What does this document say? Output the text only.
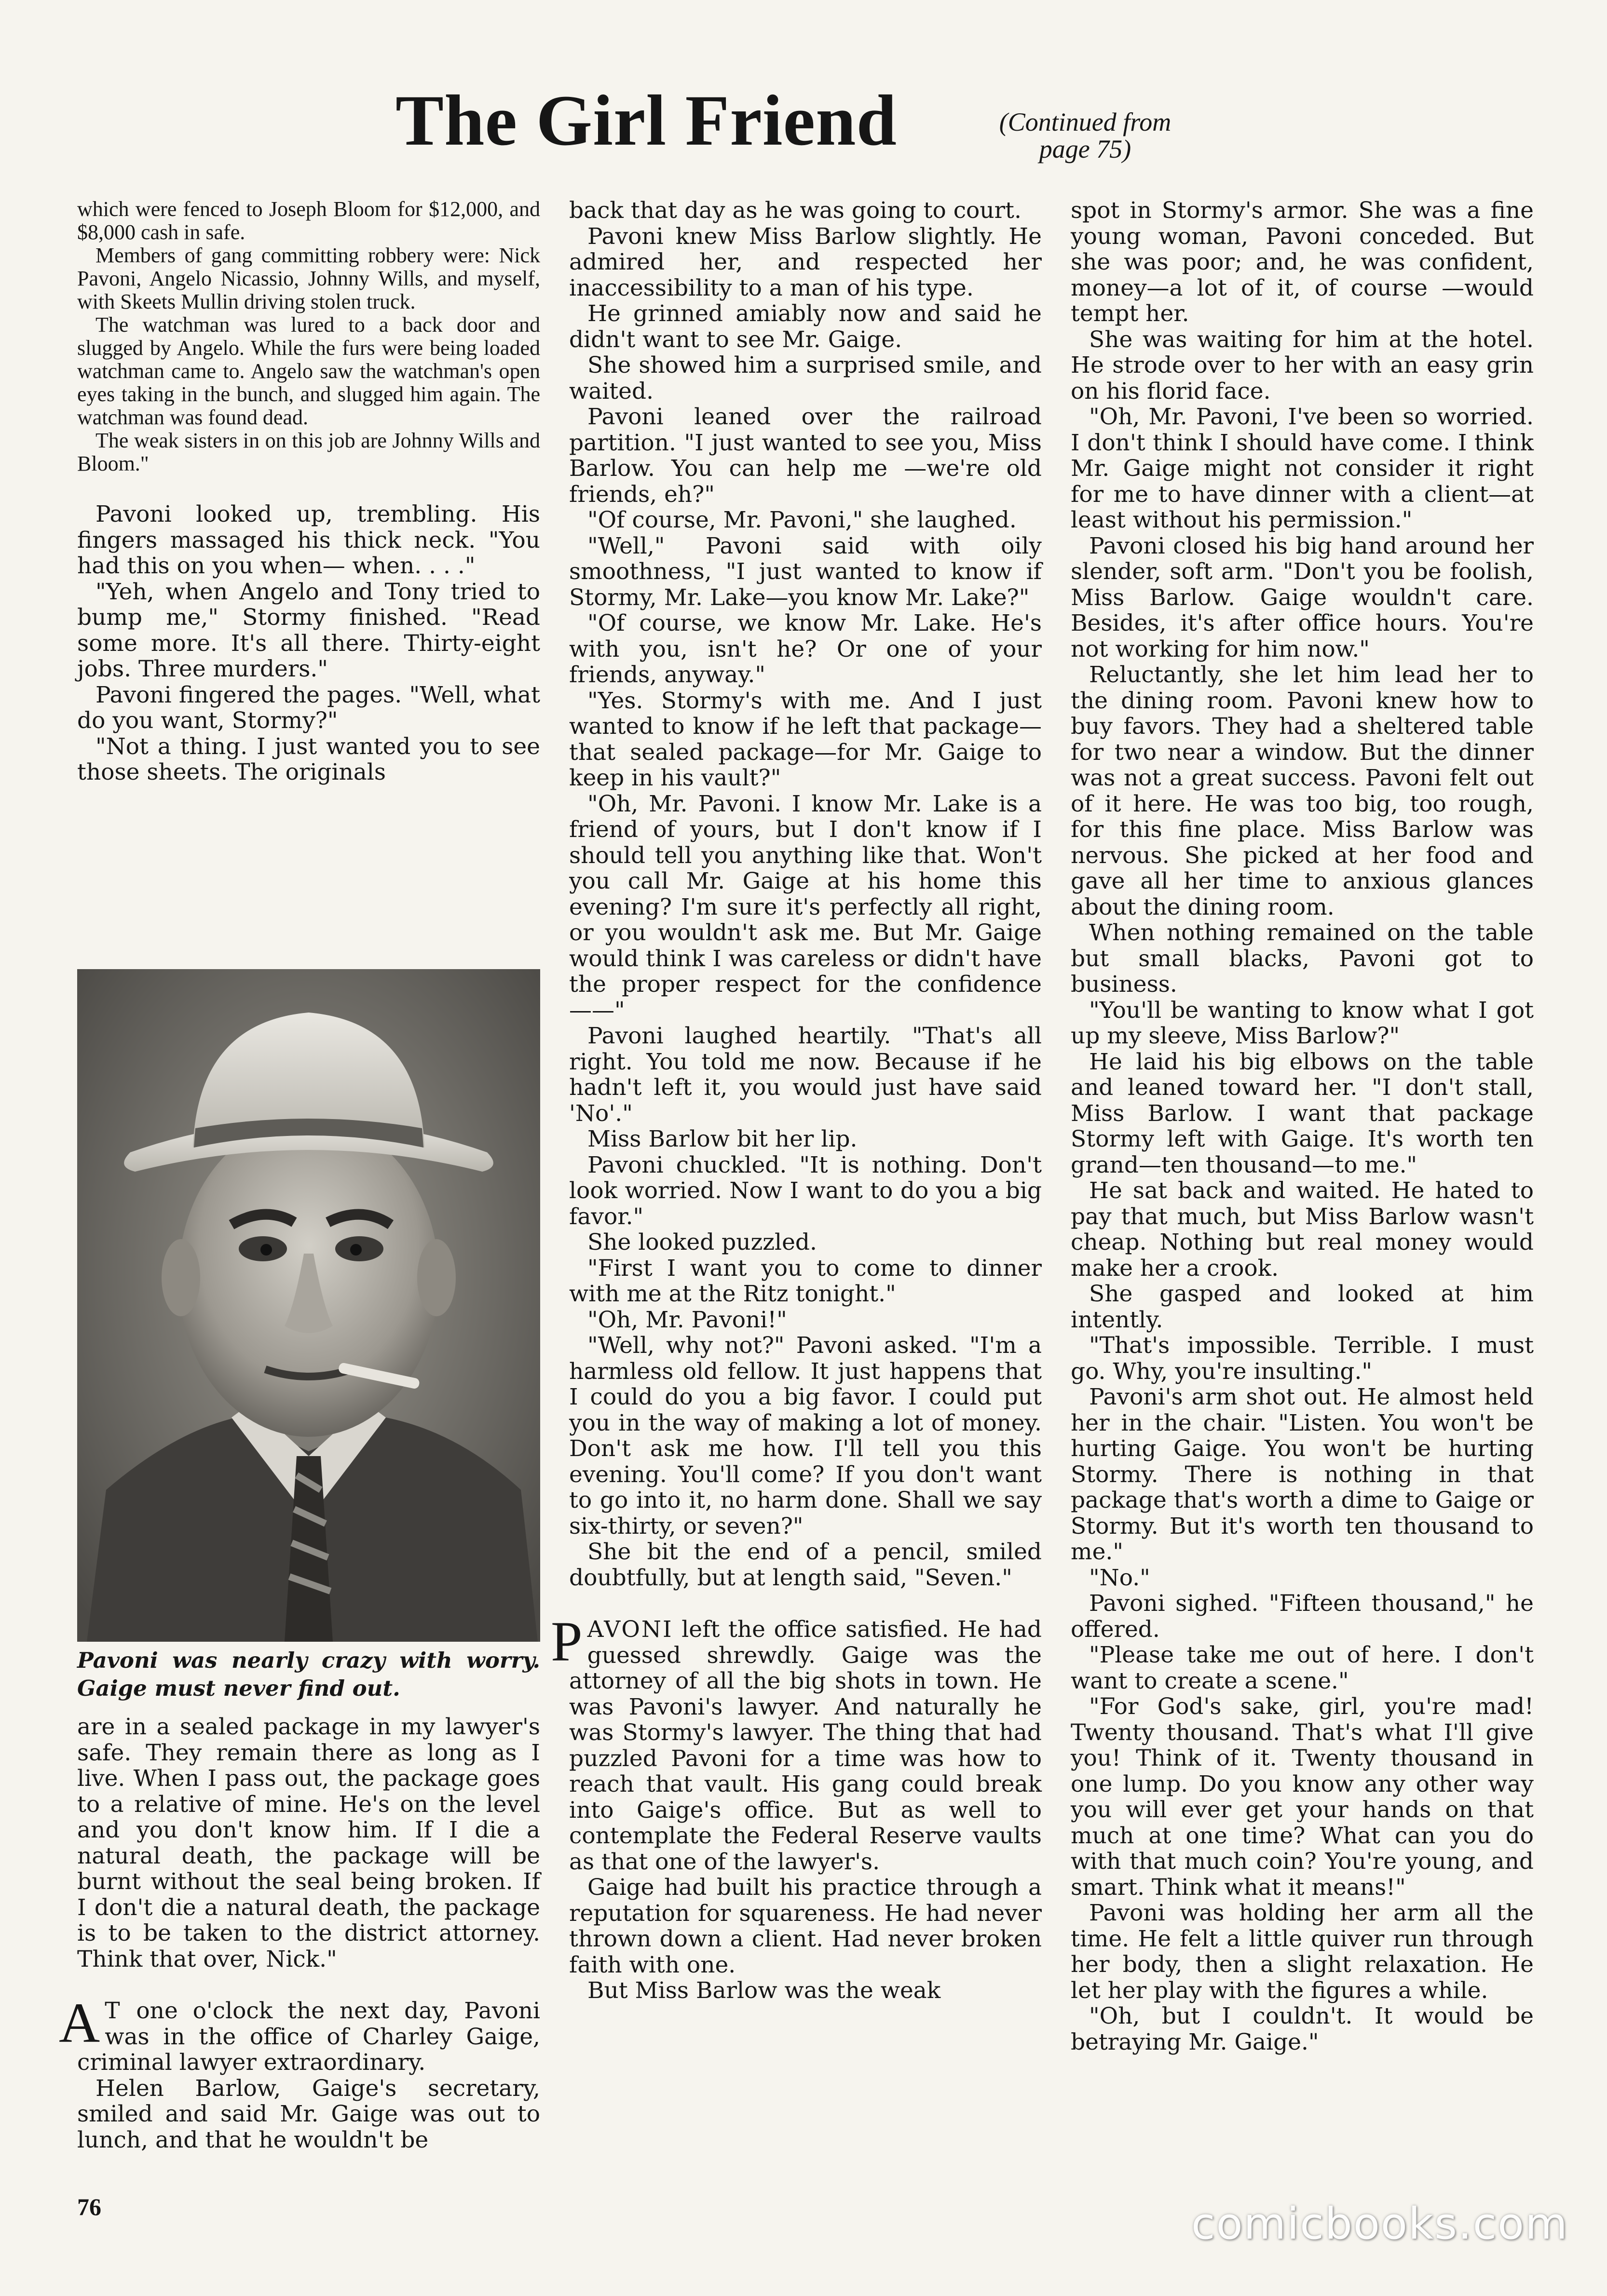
The Girl Friend	(Continued from
page 75)

which were fenced to Joseph Bloom for $12,000, and $8,000 cash in safe.

Members of gang committing robbery were: Nick Pavoni, Angelo Nicassio, Johnny Wills, and myself, with Skeets Mullin driving stolen truck.

The watchman was lured to a back door and slugged by Angelo. While the furs were being loaded watchman came to. Angelo saw the watchman's open eyes taking in the bunch, and slugged him again. The watchman was found dead.

The weak sisters in on this job are Johnny Wills and Bloom."

Pavoni looked up, trembling. His fingers massaged his thick neck. "You had this on you when— when. . . ."

"Yeh, when Angelo and Tony tried to bump me," Stormy finished. "Read some more. It's all there. Thirty-eight jobs. Three murders."

Pavoni fingered the pages. "Well, what do you want, Stormy?"

"Not a thing. I just wanted you to see those sheets. The originals

Pavoni was nearly crazy with worry. Gaige must never find out.

are in a sealed package in my lawyer's safe. They remain there as long as I live. When I pass out, the package goes to a relative of mine. He's on the level and you don't know him. If I die a natural death, the package will be burnt without the seal being broken. If I don't die a natural death, the package is to be taken to the district attorney. Think that over, Nick."

A T one o'clock the next day, Pavoni was in the office of Charley Gaige, criminal lawyer extraordinary.

Helen Barlow, Gaige's secretary, smiled and said Mr. Gaige was out to lunch, and that he wouldn't be

back that day as he was going to court.

Pavoni knew Miss Barlow slightly. He admired her, and respected her inaccessibility to a man of his type.

He grinned amiably now and said he didn't want to see Mr. Gaige.

She showed him a surprised smile, and waited.

Pavoni leaned over the railroad partition. "I just wanted to see you, Miss Barlow. You can help me —we're old friends, eh?"

"Of course, Mr. Pavoni," she laughed.

"Well," Pavoni said with oily smoothness, "I just wanted to know if Stormy, Mr. Lake—you know Mr. Lake?"

"Of course, we know Mr. Lake. He's with you, isn't he? Or one of your friends, anyway."

"Yes. Stormy's with me. And I just wanted to know if he left that package—that sealed package—for Mr. Gaige to keep in his vault?"

"Oh, Mr. Pavoni. I know Mr. Lake is a friend of yours, but I don't know if I should tell you anything like that. Won't you call Mr. Gaige at his home this evening? I'm sure it's perfectly all right, or you wouldn't ask me. But Mr. Gaige would think I was careless or didn't have the proper respect for the confidence——"

Pavoni laughed heartily. "That's all right. You told me now. Because if he hadn't left it, you would just have said 'No'."

Miss Barlow bit her lip.

Pavoni chuckled. "It is nothing. Don't look worried. Now I want to do you a big favor."

She looked puzzled.

"First I want you to come to dinner with me at the Ritz tonight."

"Oh, Mr. Pavoni!"

"Well, why not?" Pavoni asked. "I'm a harmless old fellow. It just happens that I could do you a big favor. I could put you in the way of making a lot of money. Don't ask me how. I'll tell you this evening. You'll come? If you don't want to go into it, no harm done. Shall we say six-thirty, or seven?"

She bit the end of a pencil, smiled doubtfully, but at length said, "Seven."

PAVONI left the office satisfied. He had guessed shrewdly. Gaige was the attorney of all the big shots in town. He was Pavoni's lawyer. And naturally he was Stormy's lawyer. The thing that had puzzled Pavoni for a time was how to reach that vault. His gang could break into Gaige's office. But as well to contemplate the Federal Reserve vaults as that one of the lawyer's.

Gaige had built his practice through a reputation for squareness. He had never thrown down a client. Had never broken faith with one.

But Miss Barlow was the weak

spot in Stormy's armor. She was a fine young woman, Pavoni conceded. But she was poor; and, he was confident, money—a lot of it, of course —would tempt her.

She was waiting for him at the hotel. He strode over to her with an easy grin on his florid face.

"Oh, Mr. Pavoni, I've been so worried. I don't think I should have come. I think Mr. Gaige might not consider it right for me to have dinner with a client—at least without his permission."

Pavoni closed his big hand around her slender, soft arm. "Don't you be foolish, Miss Barlow. Gaige wouldn't care. Besides, it's after office hours. You're not working for him now."

Reluctantly, she let him lead her to the dining room. Pavoni knew how to buy favors. They had a sheltered table for two near a window. But the dinner was not a great success. Pavoni felt out of it here. He was too big, too rough, for this fine place. Miss Barlow was nervous. She picked at her food and gave all her time to anxious glances about the dining room.

When nothing remained on the table but small blacks, Pavoni got to business.

"You'll be wanting to know what I got up my sleeve, Miss Barlow?"

He laid his big elbows on the table and leaned toward her. "I don't stall, Miss Barlow. I want that package Stormy left with Gaige. It's worth ten grand—ten thousand—to me."

He sat back and waited. He hated to pay that much, but Miss Barlow wasn't cheap. Nothing but real money would make her a crook.

She gasped and looked at him intently.

"That's impossible. Terrible. I must go. Why, you're insulting."

Pavoni's arm shot out. He almost held her in the chair. "Listen. You won't be hurting Gaige. You won't be hurting Stormy. There is nothing in that package that's worth a dime to Gaige or Stormy. But it's worth ten thousand to me."

"No."

Pavoni sighed. "Fifteen thousand," he offered.

"Please take me out of here. I don't want to create a scene."

"For God's sake, girl, you're mad! Twenty thousand. That's what I'll give you! Think of it. Twenty thousand in one lump. Do you know any other way you will ever get your hands on that much at one time? What can you do with that much coin? You're young, and smart. Think what it means!"

Pavoni was holding her arm all the time. He felt a little quiver run through her body, then a slight relaxation. He let her play with the figures a while.

"Oh, but I couldn't. It would be betraying Mr. Gaige."

76	comicbooks.com
